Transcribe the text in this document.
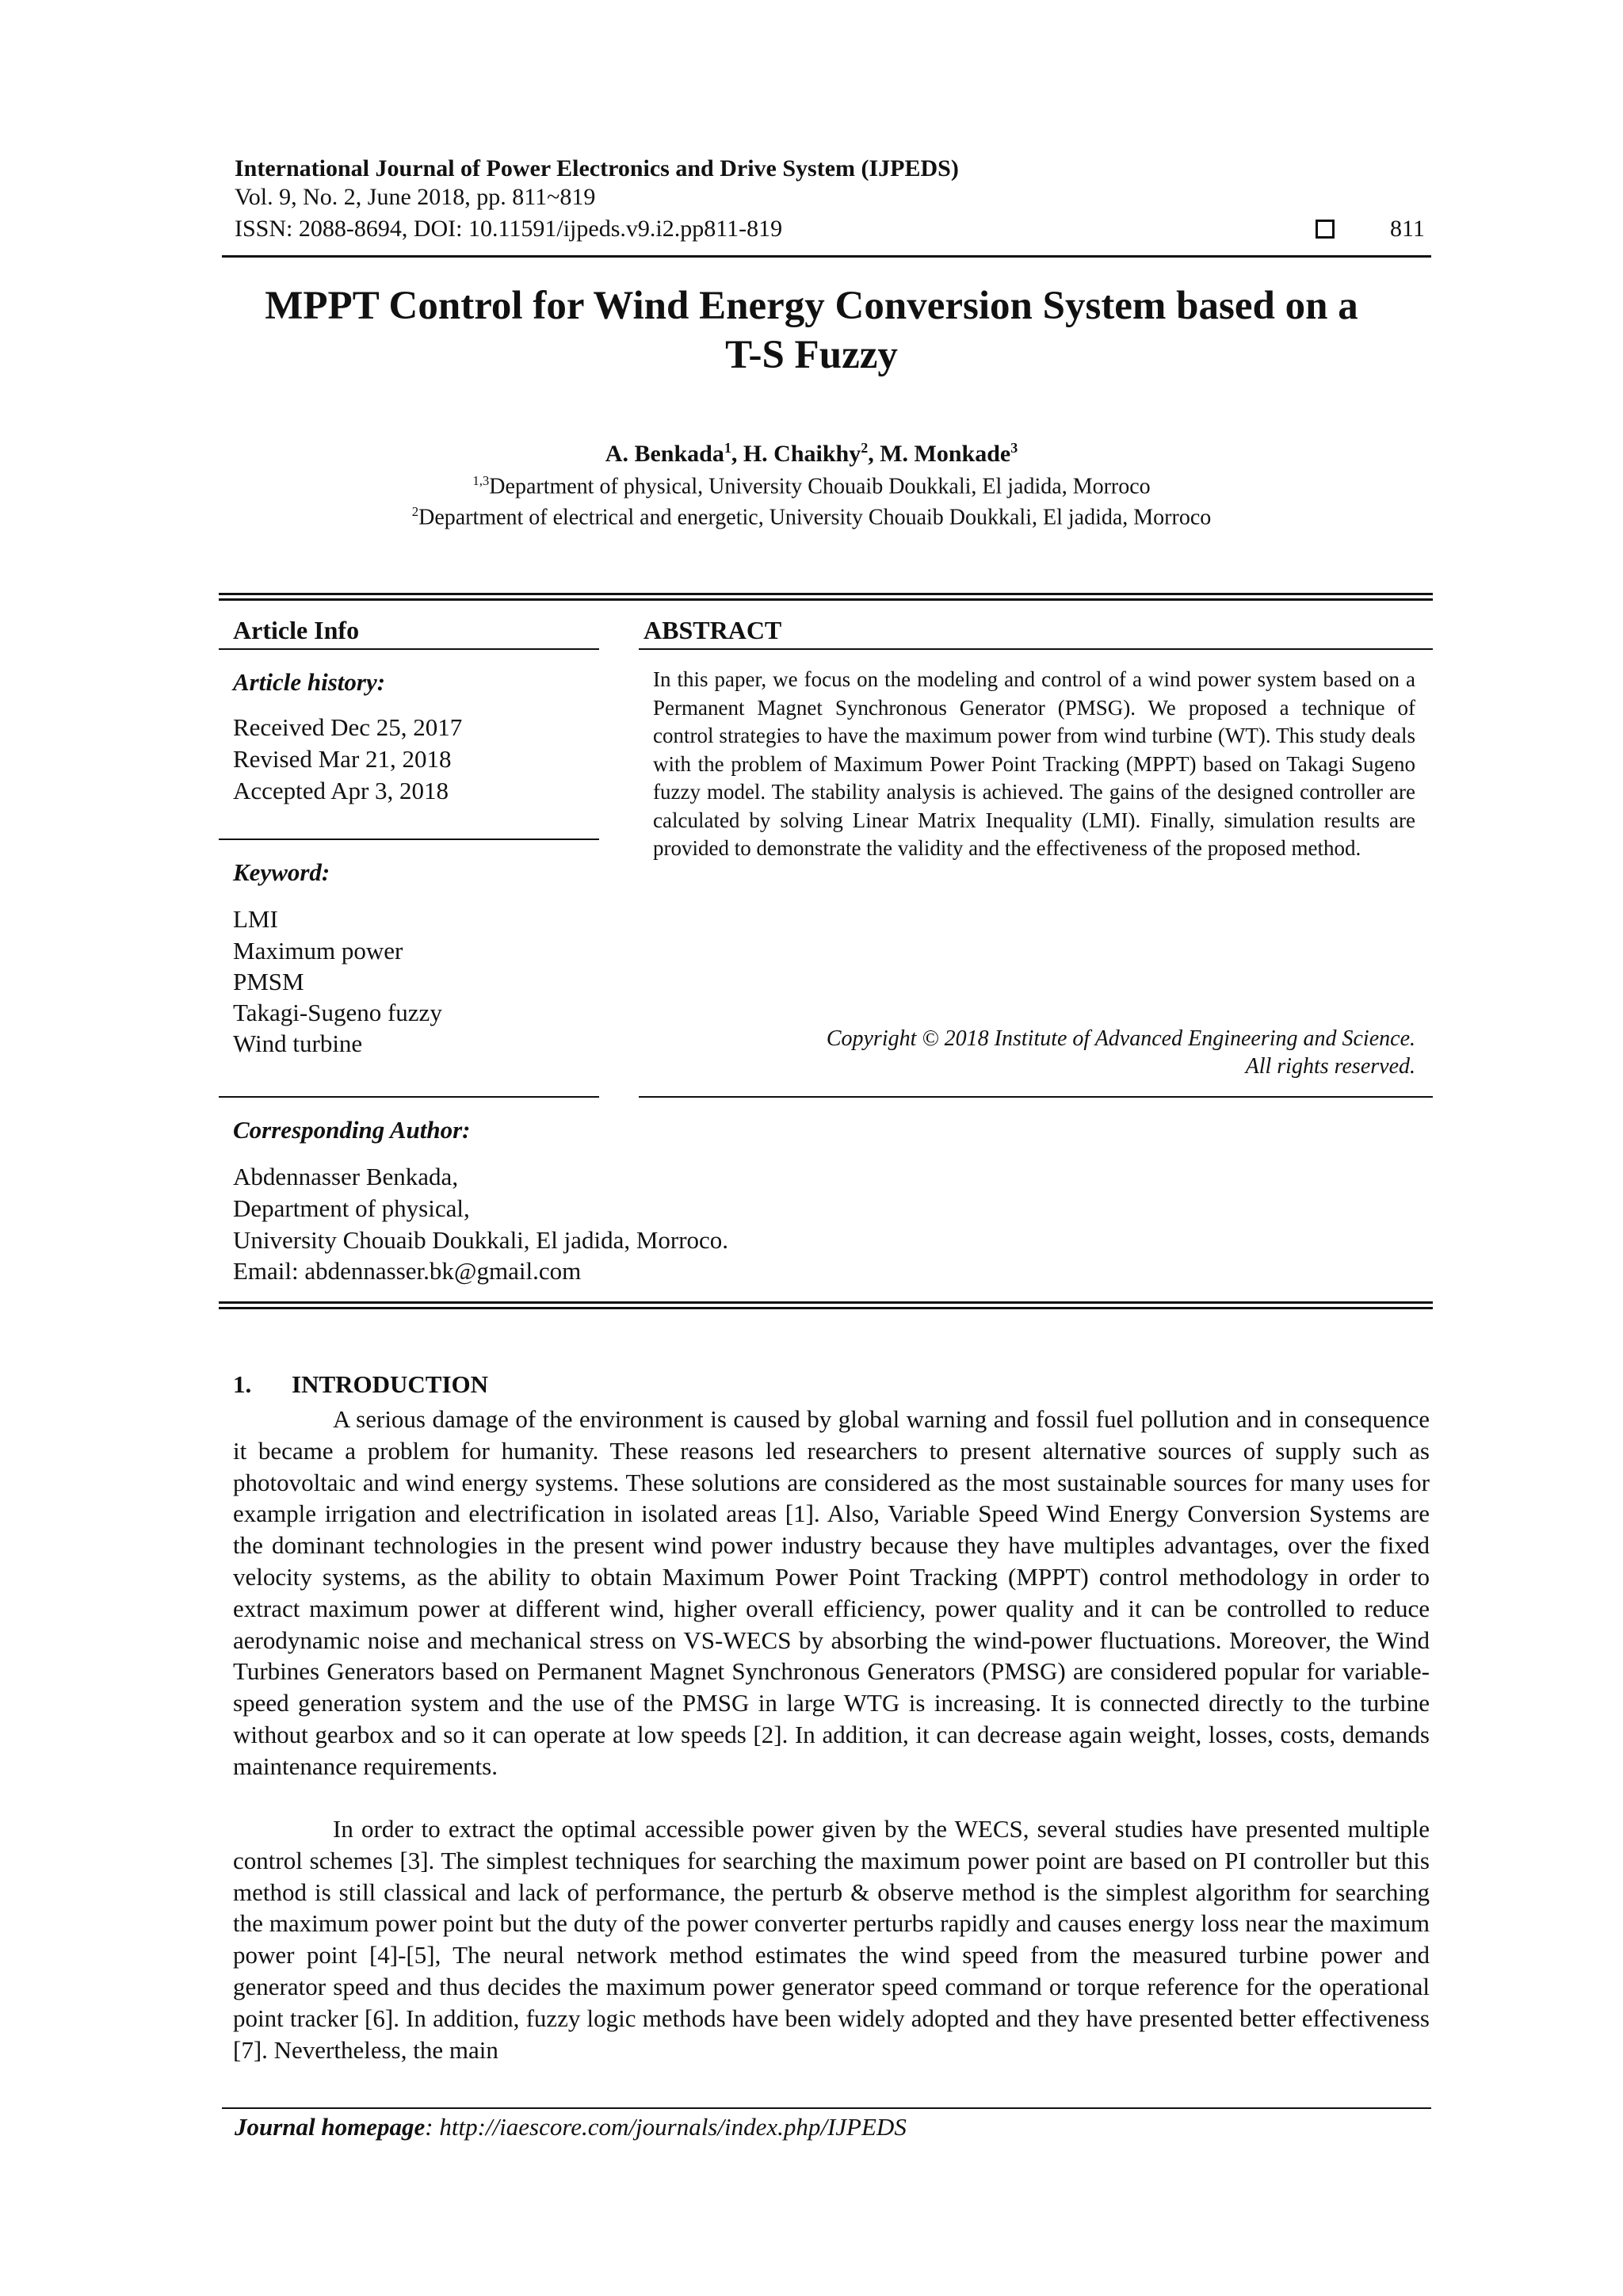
International Journal of Power Electronics and Drive System (IJPEDS)
Vol. 9, No. 2, June 2018, pp. 811~819
ISSN: 2088-8694, DOI: 10.11591/ijpeds.v9.i2.pp811-819	811
MPPT Control for Wind Energy Conversion System based on a
T-S Fuzzy
A. Benkada$^1$, H. Chaikhy$^2$, M. Monkade$^3$
$^{1,3}$Department of physical, University Chouaib Doukkali, El jadida, Morroco
$^2$Department of electrical and energetic, University Chouaib Doukkali, El jadida, Morroco
Article Info	ABSTRACT
Article history:
Received Dec 25, 2017
Revised Mar 21, 2018
Accepted Apr 3, 2018
Keyword:
LMI
Maximum power
PMSM
Takagi-Sugeno fuzzy
Wind turbine
In this paper, we focus on the modeling and control of a wind power system based on a Permanent Magnet Synchronous Generator (PMSG). We proposed a technique of control strategies to have the maximum power from wind turbine (WT). This study deals with the problem of Maximum Power Point Tracking (MPPT) based on Takagi Sugeno fuzzy model. The stability analysis is achieved. The gains of the designed controller are calculated by solving Linear Matrix Inequality (LMI). Finally, simulation results are provided to demonstrate the validity and the effectiveness of the proposed method.
Copyright © 2018 Institute of Advanced Engineering and Science.
All rights reserved.
Corresponding Author:
Abdennasser Benkada,
Department of physical,
University Chouaib Doukkali, El jadida, Morroco.
Email: abdennasser.bk@gmail.com
1. INTRODUCTION
A serious damage of the environment is caused by global warning and fossil fuel pollution and in consequence it became a problem for humanity. These reasons led researchers to present alternative sources of supply such as photovoltaic and wind energy systems. These solutions are considered as the most sustainable sources for many uses for example irrigation and electrification in isolated areas [1]. Also, Variable Speed Wind Energy Conversion Systems are the dominant technologies in the present wind power industry because they have multiples advantages, over the fixed velocity systems, as the ability to obtain Maximum Power Point Tracking (MPPT) control methodology in order to extract maximum power at different wind, higher overall efficiency, power quality and it can be controlled to reduce aerodynamic noise and mechanical stress on VS-WECS by absorbing the wind-power fluctuations. Moreover, the Wind Turbines Generators based on Permanent Magnet Synchronous Generators (PMSG) are considered popular for variable-speed generation system and the use of the PMSG in large WTG is increasing. It is connected directly to the turbine without gearbox and so it can operate at low speeds [2]. In addition, it can decrease again weight, losses, costs, demands maintenance requirements.
In order to extract the optimal accessible power given by the WECS, several studies have presented multiple control schemes [3]. The simplest techniques for searching the maximum power point are based on PI controller but this method is still classical and lack of performance, the perturb & observe method is the simplest algorithm for searching the maximum power point but the duty of the power converter perturbs rapidly and causes energy loss near the maximum power point [4]-[5], The neural network method estimates the wind speed from the measured turbine power and generator speed and thus decides the maximum power generator speed command or torque reference for the operational point tracker [6]. In addition, fuzzy logic methods have been widely adopted and they have presented better effectiveness [7]. Nevertheless, the main
Journal homepage: http://iaescore.com/journals/index.php/IJPEDS
